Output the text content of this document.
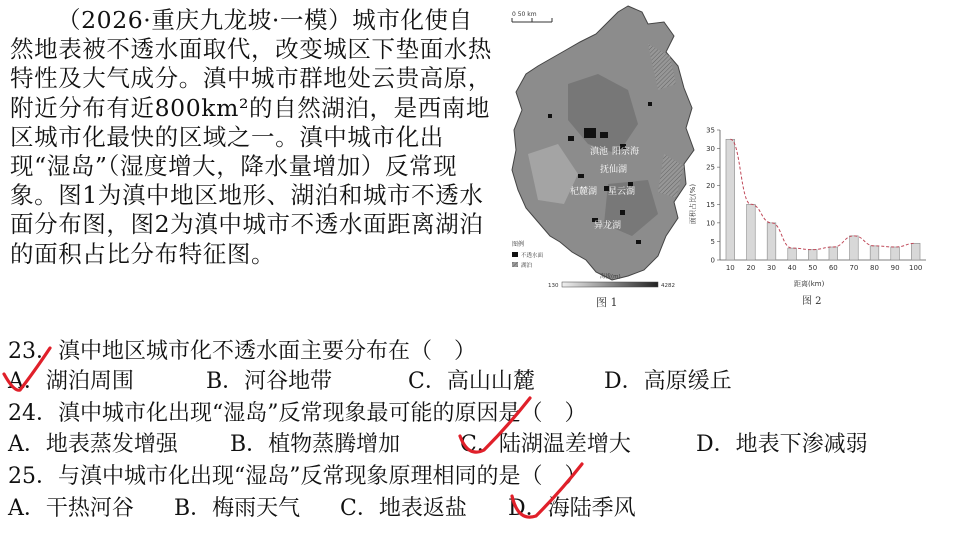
（2026·重庆九龙坡·一模）城市化使自然地表被不透水面取代，改变城区下垫面水热特性及大气成分。滇中城市群地处云贵高原，附近分布有近800km²的自然湖泊，是西南地区城市化最快的区域之一。滇中城市化出现“湿岛”（湿度增大，降水量增加）反常现象。图1为滇中地区地形、湖泊和城市不透水面分布图，图2为滇中城市不透水面距离湖泊的面积占比分布特征图。
0 50 km
滇池 阳宗海
抚仙湖
杞麓湖 星云湖
异龙湖
图例
不透水面
湖泊
海拔(m)
130	4282
图 1
0
5
10
15
20
25
30
35
10 20 30 40 50 60 70 80 90 100
距离(km)
图 2
面积占比(%)
23．滇中地区城市化不透水面主要分布在（　）
A．湖泊周围	B．河谷地带	C．高山山麓	D．高原缓丘
24．滇中城市化出现“湿岛”反常现象最可能的原因是（　）
A．地表蒸发增强 B．植物蒸腾增加	C．陆湖温差增大	D．地表下渗减弱
25．与滇中城市化出现“湿岛”反常现象原理相同的是（　）
A．干热河谷 B．梅雨天气 C．地表返盐 D．海陆季风
